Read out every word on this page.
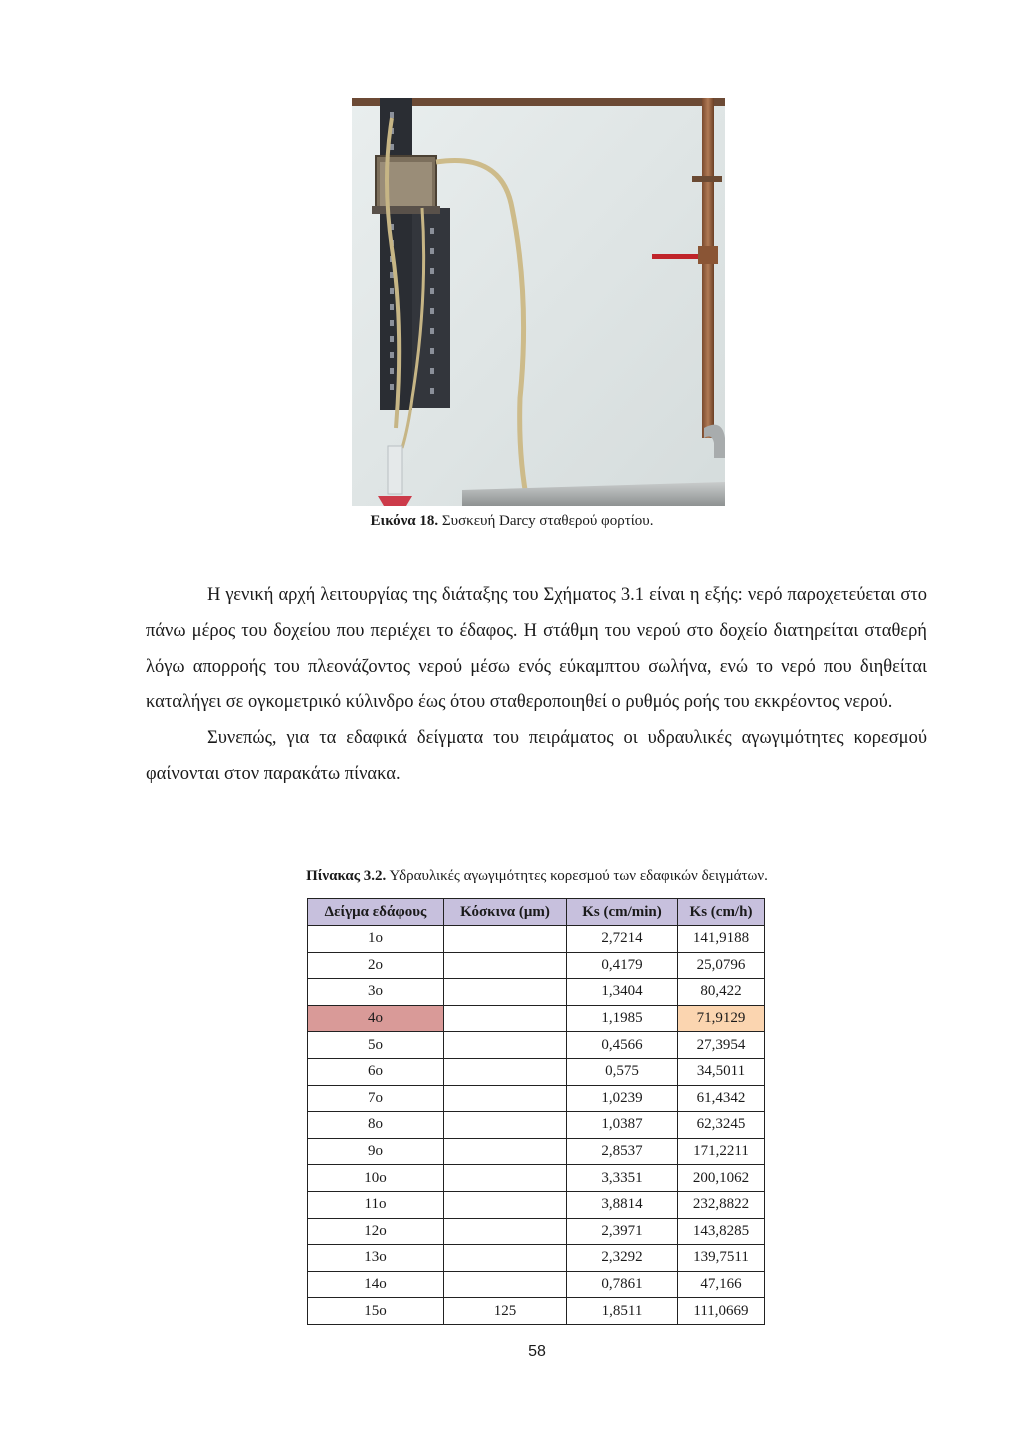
Εικόνα 18. Συσκευή Darcy σταθερού φορτίου.

Η γενική αρχή λειτουργίας της διάταξης του Σχήματος 3.1 είναι η εξής: νερό παροχετεύεται στο πάνω μέρος του δοχείου που περιέχει το έδαφος. Η στάθμη του νερού στο δοχείο διατηρείται σταθερή λόγω απορροής του πλεονάζοντος νερού μέσω ενός εύκαμπτου σωλήνα, ενώ το νερό που διηθείται καταλήγει σε ογκομετρικό κύλινδρο έως ότου σταθεροποιηθεί ο ρυθμός ροής του εκκρέοντος νερού.

Συνεπώς, για τα εδαφικά δείγματα του πειράματος οι υδραυλικές αγωγιμότητες κορεσμού φαίνονται στον παρακάτω πίνακα.

Πίνακας 3.2. Υδραυλικές αγωγιμότητες κορεσμού των εδαφικών δειγμάτων.
Δείγμα εδάφους	Κόσκινα (μm)	Ks (cm/min)	Ks (cm/h)
1ο		2,7214	141,9188
2ο		0,4179	25,0796
3ο		1,3404	80,422
4ο		1,1985	71,9129
5ο		0,4566	27,3954
6ο		0,575	34,5011
7ο		1,0239	61,4342
8ο		1,0387	62,3245
9ο		2,8537	171,2211
10ο		3,3351	200,1062
11ο		3,8814	232,8822
12ο		2,3971	143,8285
13ο		2,3292	139,7511
14ο		0,7861	47,166
15ο	125	1,8511	111,0669
58
